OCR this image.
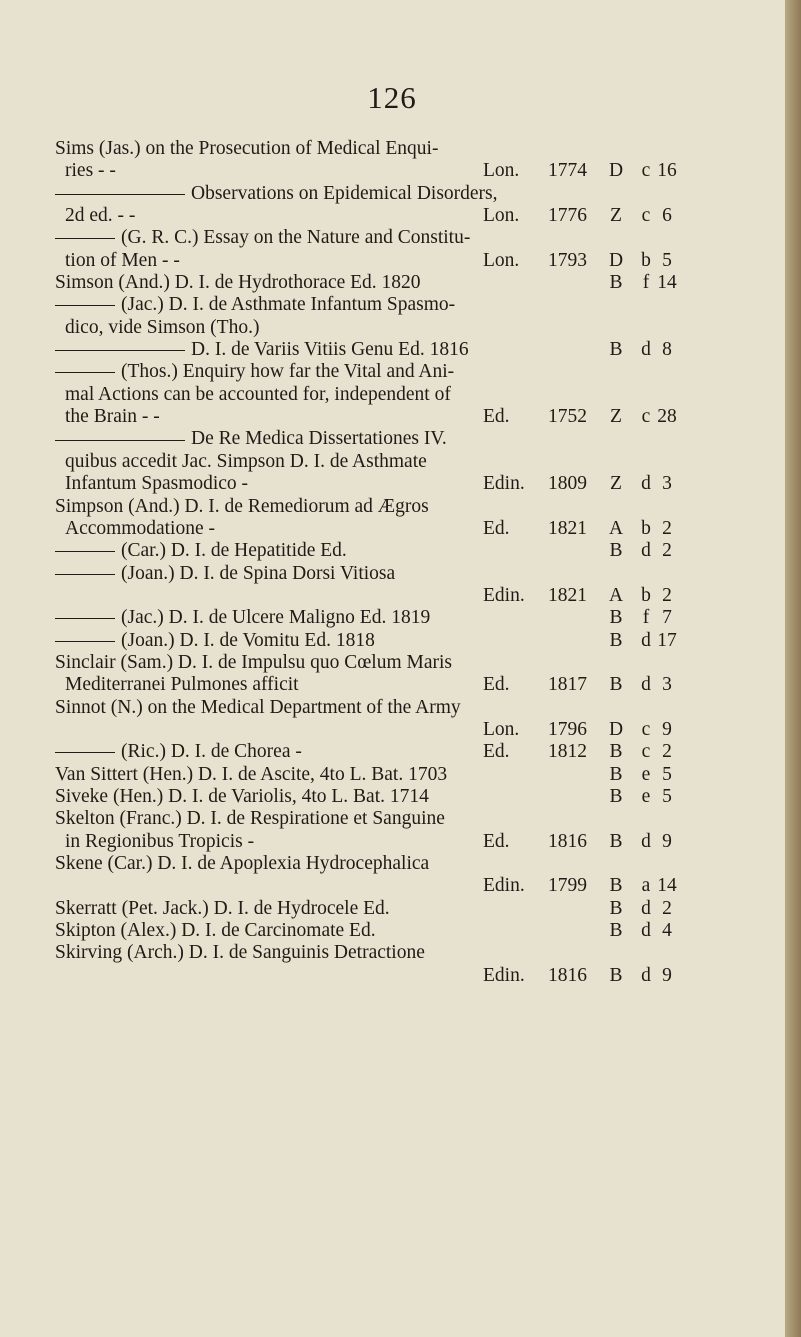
126
Sims (Jas.) on the Prosecution of Medical Enqui-
ries - -	Lon. 1774 D c 16
Observations on Epidemical Disorders,
2d ed. - -	Lon. 1776	Z	c 6
(G. R. C.) Essay on the Nature and Constitu-
tion of Men - -	Lon. 1793 D b 5
Simson (And.) D. I. de Hydrothorace Ed. 1820	B	f 14
(Jac.) D. I. de Asthmate Infantum Spasmo-
dico, vide Simson (Tho.)
D. I. de Variis Vitiis Genu Ed. 1816	B d 8
(Thos.) Enquiry how far the Vital and Ani-
mal Actions can be accounted for, independent of
the Brain - -	Ed. 1752	Z	c 28
De Re Medica Dissertationes IV.
quibus accedit Jac. Simpson D. I. de Asthmate
Infantum Spasmodico -	Edin. 1809	Z d 3
Simpson (And.) D. I. de Remediorum ad Ægros
Accommodatione -	Ed. 1821 A b 2
(Car.) D. I. de Hepatitide Ed.	B d 2
(Joan.) D. I. de Spina Dorsi Vitiosa
Edin. 1821 A b 2
(Jac.) D. I. de Ulcere Maligno Ed. 1819	B	f 7
(Joan.) D. I. de Vomitu Ed. 1818	B d 17
Sinclair (Sam.) D. I. de Impulsu quo Cœlum Maris
Mediterranei Pulmones afficit	Ed. 1817 B d 3
Sinnot (N.) on the Medical Department of the Army
Lon. 1796 D c 9
(Ric.) D. I. de Chorea -	Ed. 1812 B c 2
Van Sittert (Hen.) D. I. de Ascite, 4to L. Bat. 1703	B e 5
Siveke (Hen.) D. I. de Variolis, 4to L. Bat. 1714	B e 5
Skelton (Franc.) D. I. de Respiratione et Sanguine
in Regionibus Tropicis -	Ed. 1816 B d 9
Skene (Car.) D. I. de Apoplexia Hydrocephalica
Edin. 1799 B a 14
Skerratt (Pet. Jack.) D. I. de Hydrocele Ed.	B d 2
Skipton (Alex.) D. I. de Carcinomate Ed.	B d 4
Skirving (Arch.) D. I. de Sanguinis Detractione
Edin. 1816 B d 9
